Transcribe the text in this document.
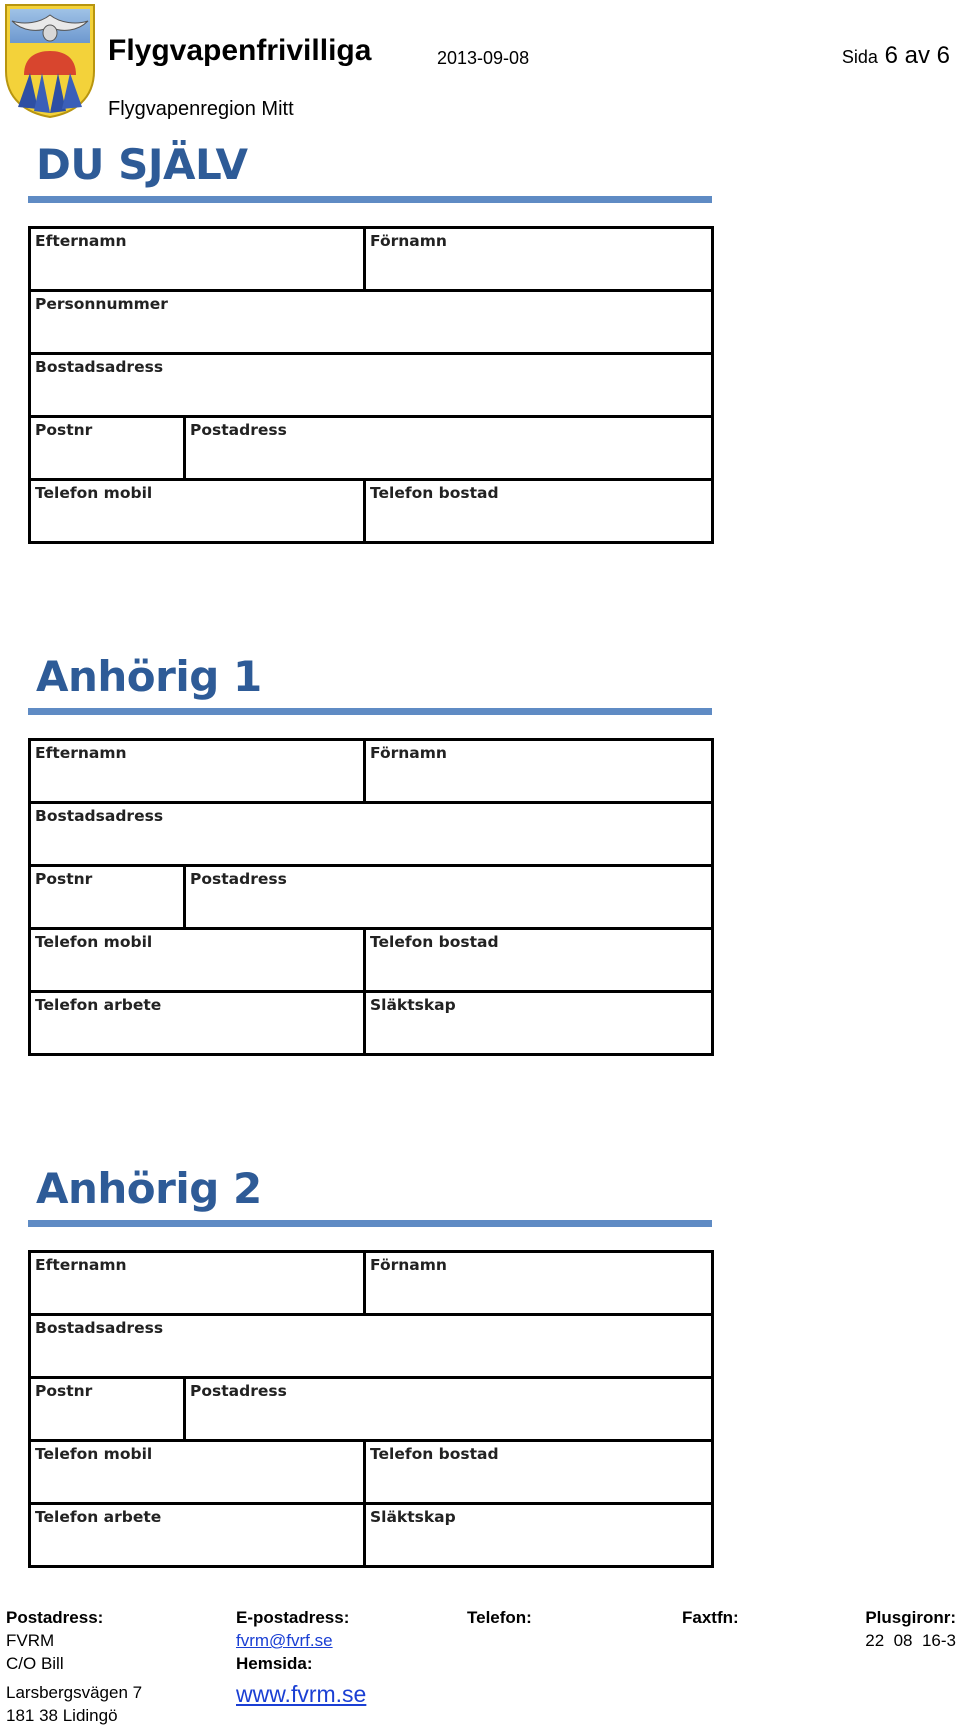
Flygvapenfrivilliga	2013-09-08	Sida 6 av 6
Flygvapenregion Mitt
DU SJÄLV
Efternamn	Förnamn
Personnummer
Bostadsadress
Postnr	Postadress
Telefon mobil	Telefon bostad
Anhörig 1
Efternamn	Förnamn
Bostadsadress
Postnr	Postadress
Telefon mobil	Telefon bostad
Telefon arbete	Släktskap
Anhörig 2
Efternamn	Förnamn
Bostadsadress
Postnr	Postadress
Telefon mobil	Telefon bostad
Telefon arbete	Släktskap
Postadress:
FVRM
C/O Bill
Larsbergsvägen 7
181 38 Lidingö
E-postadress:
fvrm@fvrf.se
Hemsida:
www.fvrm.se
Telefon:	Faxtfn:	Plusgironr:
22  08  16-3
